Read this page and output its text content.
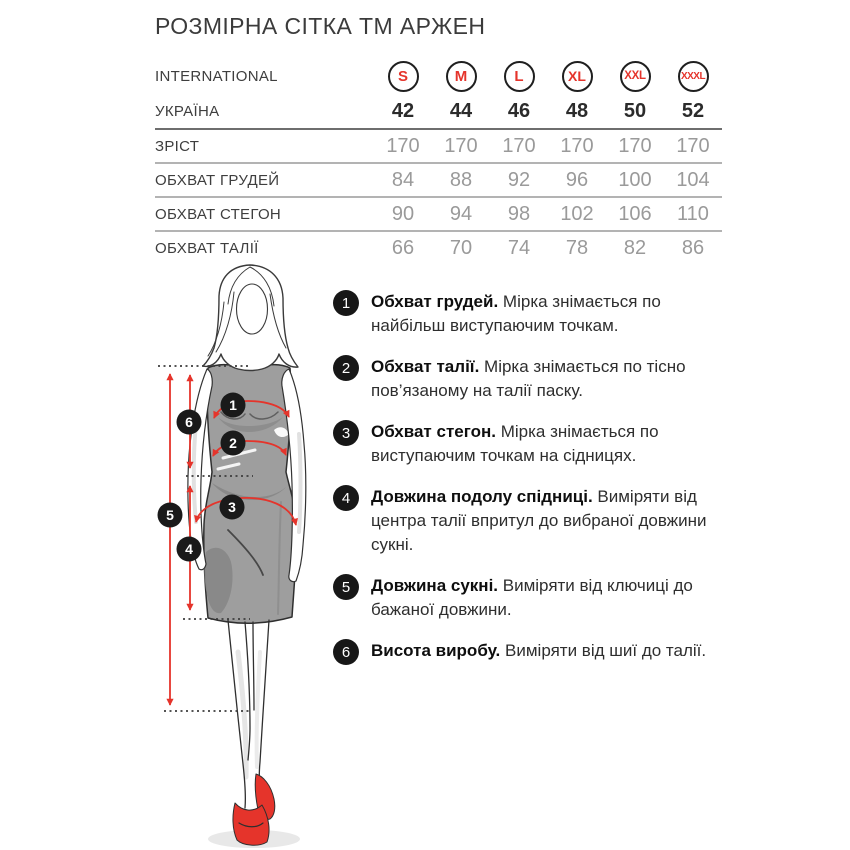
РОЗМІРНА СІТКА ТМ АРЖЕН
INTERNATIONAL	S	M	L	XL	XXL	XXXL
УКРАЇНА	42 44 46 48 50 52
ЗРІСТ	170 170 170 170 170 170
ОБХВАТ ГРУДЕЙ	84 88 92 96 100 104
ОБХВАТ СТЕГОН	90 94 98 102 106 110
ОБХВАТ ТАЛІЇ	66 70 74 78 82 86
1
2
3
4
5
6
1	Обхват грудей. Мірка знімається по найбільш виступаючим точкам.

2	Обхват талії. Мірка знімається по тісно пов’язаному на талії паску.

3	Обхват стегон. Мірка знімається по виступаючим точкам на сідницях.

4	Довжина подолу спідниці. Виміряти від центра талії впритул до вибраної довжини сукні.

5	Довжина сукні. Виміряти від ключиці до бажаної довжини.

6	Висота виробу. Виміряти від шиї до талії.
